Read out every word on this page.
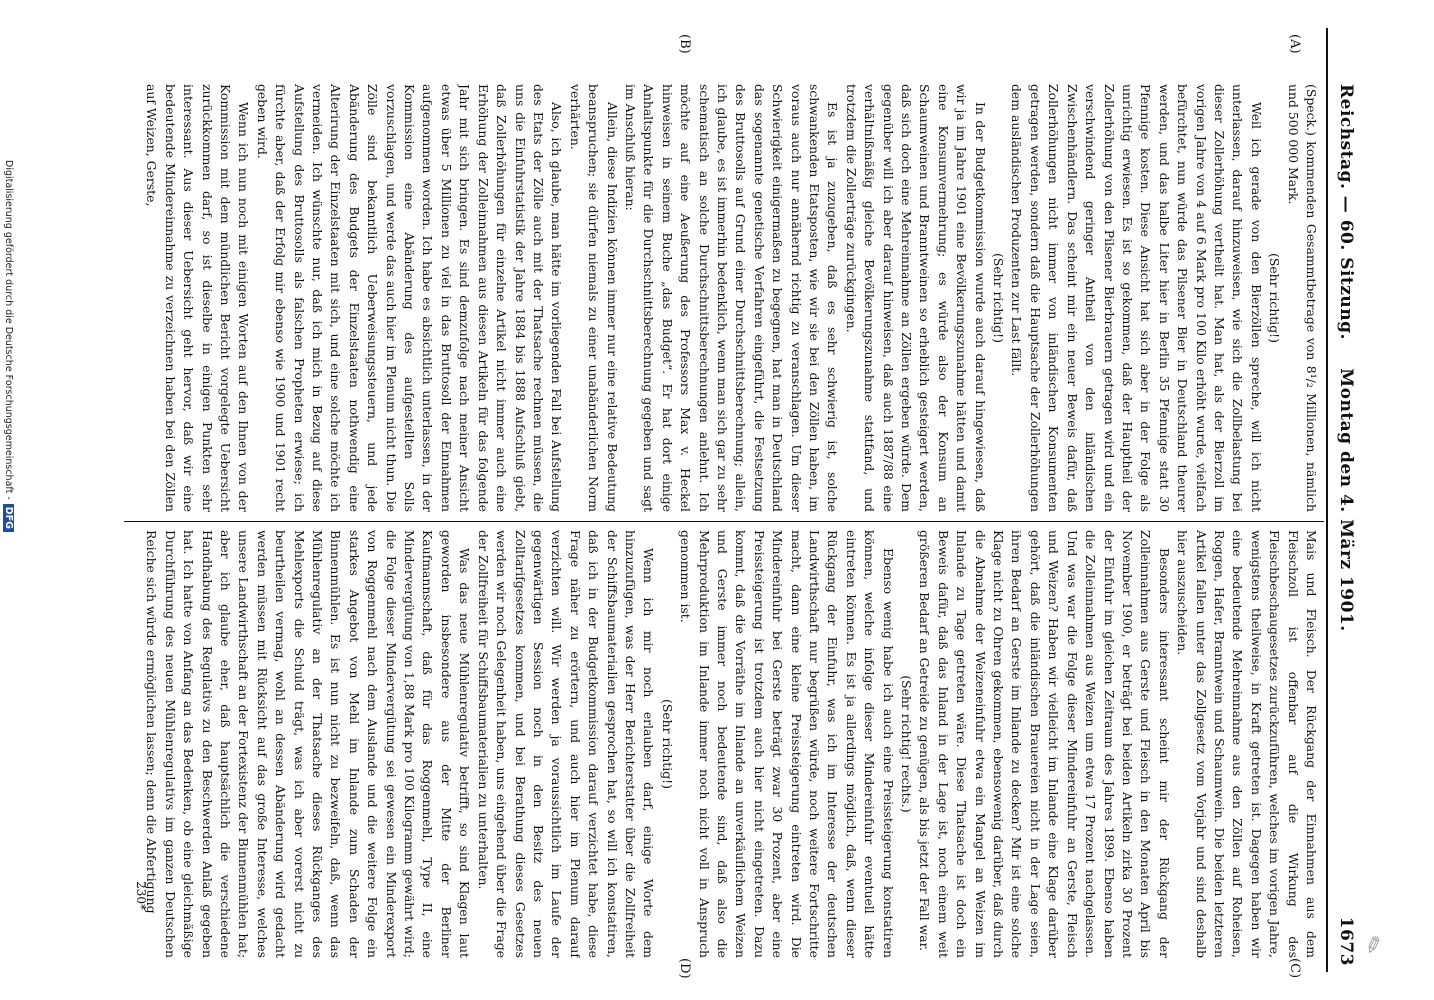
✎
Reichstag. — 60. Sitzung.
Montag den 4. März 1901.
1673
(A)
(B)
(C)
(D)

(Speck.) kommenden Gesammtbetrage von 8¹/₂ Millionen, nämlich und 500 000 Mark.

(Sehr richtig!)

Weil ich gerade von den Bierzöllen spreche, will ich nicht unterlassen, darauf hinzuweisen, wie sich die Zollbelastung bei dieser Zollerhöhung vertheilt hat. Man hat, als der Bierzoll im vorigen Jahre von 4 auf 6 Mark pro 100 Kilo erhöht wurde, vielfach befürchtet, nun würde das Pilsener Bier in Deutschland theurer werden, und das halbe Liter hier in Berlin 35 Pfennige statt 30 Pfennige kosten. Diese Ansicht hat sich aber in der Folge als unrichtig erwiesen. Es ist so gekommen, daß der Hauptheil der Zollerhöhung von den Pilsener Bierbrauern getragen wird und ein verschwindend geringer Antheil von den inländischen Zwischenhändlern. Das scheint mir ein neuer Beweis dafür, daß Zollerhöhungen nicht immer von inländischen Konsumenten getragen werden, sondern daß die Hauptsache der Zollerhöhungen dem ausländischen Produzenten zur Last fällt.

(Sehr richtig!)

In der Budgetkommission wurde auch darauf hingewiesen, daß wir ja im Jahre 1901 eine Bevölkerungszunahme hätten und damit eine Konsumvermehrung; es würde also der Konsum an Schaumweinen und Branntweinen so erheblich gesteigert werden, daß sich doch eine Mehreinnahme an Zöllen ergeben würde. Dem gegenüber will ich aber darauf hinweisen, daß auch 1887/88 eine verhältnißmäßig gleiche Bevölkerungszunahme stattfand, und trotzdem die Zollerträge zurückgingen.

Es ist ja zuzugeben, daß es sehr schwierig ist, solche schwankenden Etatsposten, wie wir sie bei den Zöllen haben, im voraus auch nur annähernd richtig zu veranschlagen. Um dieser Schwierigkeit einigermaßen zu begegnen, hat man in Deutschland das sogenannte genetische Verfahren eingeführt, die Festsetzung des Bruttosolls auf Grund einer Durchschnittsberechnung; allein, ich glaube, es ist immerhin bedenklich, wenn man sich gar zu sehr schematisch an solche Durchschnittsberechnungen anlehnt. Ich möchte auf eine Aeußerung des Professors Max v. Heckel hinweisen in seinem Buche „das Budget“. Er hat dort einige Anhaltspunkte für die Durchschnittsberechnung gegeben und sagt im Anschluß hieran:

Allein, diese Indizien können immer nur eine relative Bedeutung beanspruchen; sie dürfen niemals zu einer unabänderlichen Norm verhärten.

Also, ich glaube, man hätte im vorliegenden Fall bei Aufstellung des Etats der Zölle auch mit der Thatsache rechnen müssen, die uns die Einfuhrstatistik der Jahre 1884 bis 1888 Aufschluß giebt, daß Zollerhöhungen für einzelne Artikel nicht immer auch eine Erhöhung der Zolleinnahmen aus diesen Artikeln für das folgende Jahr mit sich bringen. Es sind demzufolge nach meiner Ansicht etwas über 5 Millionen zu viel in das Bruttosoll der Einnahmen aufgenommen worden. Ich habe es absichtlich unterlassen, in der Kommission eine Abänderung des aufgestellten Solls vorzuschlagen, und werde das auch hier im Plenum nicht thun. Die Zölle sind bekanntlich Ueberweisungssteuern, und jede Abänderung des Budgets der Einzelstaaten nothwendig eine Alterirung der Einzelstaaten mit sich, und eine solche möchte ich vermeiden. Ich wünschte nur, daß ich mich in Bezug auf diese Aufstellung des Bruttosolls als falschen Propheten erwiese; ich fürchte aber, daß der Erfolg mir ebenso wie 1900 und 1901 recht geben wird.

Wenn ich nun noch mit einigen Worten auf den Ihnen von der Kommission mit dem mündlichen Bericht vorgelegte Uebersicht zurückkommen darf, so ist dieselbe in einigen Punkten sehr interessant. Aus dieser Uebersicht geht hervor, daß wir eine bedeutende Mindereinnahme zu verzeichnen haben bei den Zöllen auf Weizen, Gerste,

Mais und Fleisch. Der Rückgang der Einnahmen aus dem Fleischzoll ist offenbar auf die Wirkung des Fleischbeschaugesetzes zurückzuführen, welches im vorigen Jahre, wenigstens theilweise, in Kraft getreten ist. Dagegen haben wir eine bedeutende Mehreinnahme aus den Zöllen auf Roheisen, Roggen, Hafer, Branntwein und Schaumwein. Die beiden letzteren Artikel fallen unter das Zollgesetz vom Vorjahr und sind deshalb hier auszuscheiden.

Besonders interessant scheint mir der Rückgang der Zolleinnahmen aus Gerste und Fleisch in den Monaten April bis November 1900, er beträgt bei beiden Artikeln zirka 30 Prozent der Einfuhr im gleichen Zeitraum des Jahres 1899. Ebenso haben die Zolleinnahmen aus Weizen um etwa 17 Prozent nachgelassen. Und was war die Folge dieser Mindereinfuhr an Gerste, Fleisch und Weizen? Haben wir vielleicht im Inlande eine Klage darüber gehört, daß die inländischen Brauereien nicht in der Lage seien, ihren Bedarf an Gerste im Inlande zu decken? Mir ist eine solche Klage nicht zu Ohren gekommen, ebensowenig darüber, daß durch die Abnahme der Weizeneinfuhr etwa ein Mangel an Weizen im Inlande zu Tage getreten wäre. Diese Thatsache ist doch ein Beweis dafür, daß das Inland in der Lage ist, noch einem weit größeren Bedarf an Getreide zu genügen, als bis jetzt der Fall war.

(Sehr richtig! rechts.)

Ebenso wenig habe ich auch eine Preissteigerung konstatiren können, welche infolge dieser Mindereinfuhr eventuell hätte eintreten können. Es ist ja allerdings möglich, daß, wenn dieser Rückgang der Einfuhr, was ich im Interesse der deutschen Landwirthschaft nur begrüßen würde, noch weitere Fortschritte macht, dann eine kleine Preissteigerung eintreten wird. Die Mindereinfuhr bei Gerste beträgt zwar 30 Prozent, aber eine Preissteigerung ist trotzdem auch hier nicht eingetreten. Dazu kommt, daß die Vorräthe im Inlande an unverkäuflichem Weizen und Gerste immer noch bedeutende sind, daß also die Mehrproduktion im Inlande immer noch nicht voll in Anspruch genommen ist.

(Sehr richtig!)

Wenn ich mir noch erlauben darf, einige Worte dem hinzuzufügen, was der Herr Berichterstatter über die Zollfreiheit der Schiffsbaumaterialien gesprochen hat, so will ich konstatiren, daß ich in der Budgetkommission darauf verzichtet habe, diese Frage näher zu erörtern, und auch hier im Plenum darauf verzichten will. Wir werden ja voraussichtlich im Laufe der gegenwärtigen Session noch in den Besitz des neuen Zolltarifgesetzes kommen, und bei Berathung dieses Gesetzes werden wir noch Gelegenheit haben, uns eingehend über die Frage der Zollfreiheit für Schiffsbaumaterialien zu unterhalten.

Was das neue Mühlenregulativ betrifft, so sind Klagen laut geworden insbesondere aus der Mitte der Berliner Kaufmannschaft, daß für das Roggenmehl, Type II, eine Mindervergütung von 1,88 Mark pro 100 Kilogramm gewährt wird; die Folge dieser Mindervergütung sei gewesen ein Minderexport von Roggenmehl nach dem Auslande und die weitere Folge ein starkes Angebot von Mehl im Inlande zum Schaden der Binnenmühlen. Es ist nun nicht zu bezweifeln, daß, wenn das Mühlenregulativ an der Thatsache dieses Rückganges des Mehlexports die Schuld trägt, was ich aber vorerst nicht zu beurtheilen vermag, wohl an dessen Abänderung wird gedacht werden müssen mit Rücksicht auf das große Interesse, welches unsere Landwirthschaft an der Fortexistenz der Binnenmühlen hat; aber ich glaube eher, daß hauptsächlich die verschiedene Handhabung des Regulativs zu den Beschwerden Anlaß gegeben hat. Ich hatte von Anfang an das Bedenken, ob eine gleichmäßige Durchführung des neuen Mühlenregulativs im ganzen Deutschen Reiche sich würde ermöglichen lassen; denn die Abfertigung

230*
Digitalisierung gefördert durch die Deutsche Forschungsgemeinschaft -DFG
